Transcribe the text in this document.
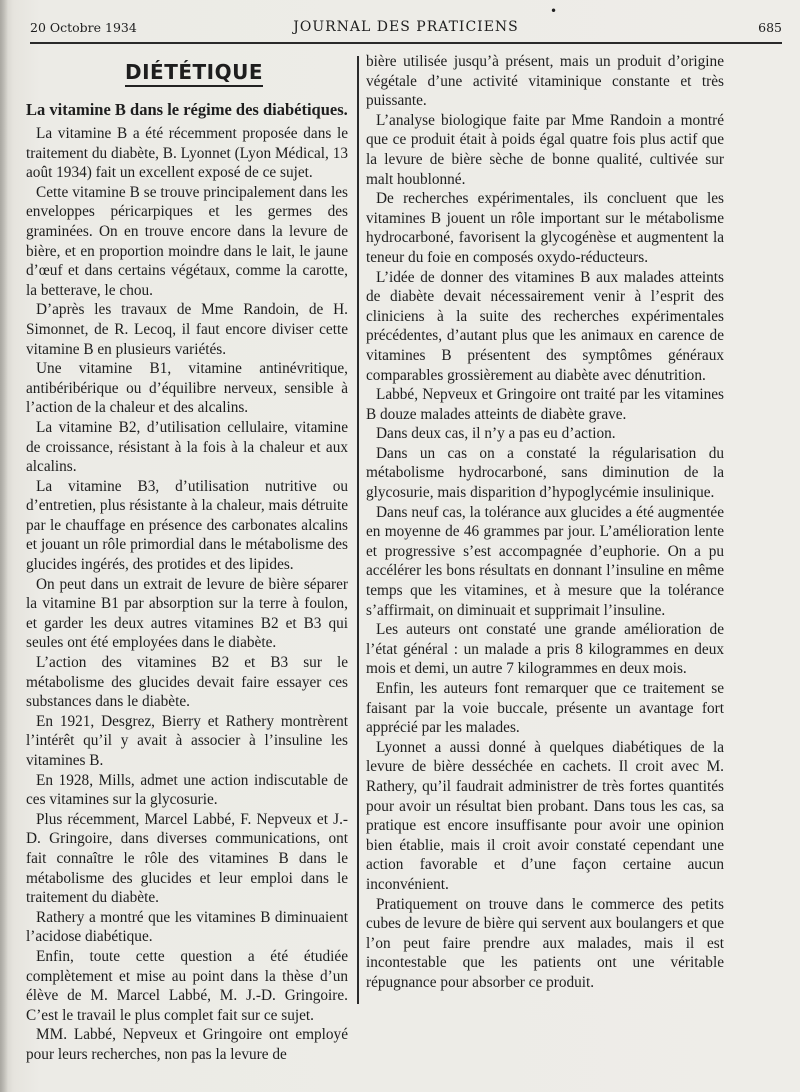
•
20 Octobre 1934	JOURNAL DES PRATICIENS	685
DIÉTÉTIQUE
La vitamine B dans le régime des diabétiques.

La vitamine B a été récemment proposée dans le traitement du diabète, B. Lyonnet (Lyon Médical, 13 août 1934) fait un excellent exposé de ce sujet.

Cette vitamine B se trouve principalement dans les enveloppes péricarpiques et les germes des graminées. On en trouve encore dans la levure de bière, et en proportion moindre dans le lait, le jaune d’œuf et dans certains végétaux, comme la carotte, la betterave, le chou.

D’après les travaux de Mme Randoin, de H. Simonnet, de R. Lecoq, il faut encore diviser cette vitamine B en plusieurs variétés.

Une vitamine B1, vitamine antinévritique, antibéribérique ou d’équilibre nerveux, sensible à l’action de la chaleur et des alcalins.

La vitamine B2, d’utilisation cellulaire, vitamine de croissance, résistant à la fois à la chaleur et aux alcalins.

La vitamine B3, d’utilisation nutritive ou d’entretien, plus résistante à la chaleur, mais détruite par le chauffage en présence des carbonates alcalins et jouant un rôle primordial dans le métabolisme des glucides ingérés, des protides et des lipides.

On peut dans un extrait de levure de bière séparer la vitamine B1 par absorption sur la terre à foulon, et garder les deux autres vitamines B2 et B3 qui seules ont été employées dans le diabète.

L’action des vitamines B2 et B3 sur le métabolisme des glucides devait faire essayer ces substances dans le diabète.

En 1921, Desgrez, Bierry et Rathery montrèrent l’intérêt qu’il y avait à associer à l’insuline les vitamines B.

En 1928, Mills, admet une action indiscutable de ces vitamines sur la glycosurie.

Plus récemment, Marcel Labbé, F. Nepveux et J.-D. Gringoire, dans diverses communications, ont fait connaître le rôle des vitamines B dans le métabolisme des glucides et leur emploi dans le traitement du diabète.

Rathery a montré que les vitamines B diminuaient l’acidose diabétique.

Enfin, toute cette question a été étudiée complètement et mise au point dans la thèse d’un élève de M. Marcel Labbé, M. J.-D. Gringoire. C’est le travail le plus complet fait sur ce sujet.

MM. Labbé, Nepveux et Gringoire ont employé pour leurs recherches, non pas la levure de

bière utilisée jusqu’à présent, mais un produit d’origine végétale d’une activité vitaminique constante et très puissante.

L’analyse biologique faite par Mme Randoin a montré que ce produit était à poids égal quatre fois plus actif que la levure de bière sèche de bonne qualité, cultivée sur malt houblonné.

De recherches expérimentales, ils concluent que les vitamines B jouent un rôle important sur le métabolisme hydrocarboné, favorisent la glycogénèse et augmentent la teneur du foie en composés oxydo-réducteurs.

L’idée de donner des vitamines B aux malades atteints de diabète devait nécessairement venir à l’esprit des cliniciens à la suite des recherches expérimentales précédentes, d’autant plus que les animaux en carence de vitamines B présentent des symptômes généraux comparables grossièrement au diabète avec dénutrition.

Labbé, Nepveux et Gringoire ont traité par les vitamines B douze malades atteints de diabète grave.

Dans deux cas, il n’y a pas eu d’action.

Dans un cas on a constaté la régularisation du métabolisme hydrocarboné, sans diminution de la glycosurie, mais disparition d’hypoglycémie insulinique.

Dans neuf cas, la tolérance aux glucides a été augmentée en moyenne de 46 grammes par jour. L’amélioration lente et progressive s’est accompagnée d’euphorie. On a pu accélérer les bons résultats en donnant l’insuline en même temps que les vitamines, et à mesure que la tolérance s’affirmait, on diminuait et supprimait l’insuline.

Les auteurs ont constaté une grande amélioration de l’état général : un malade a pris 8 kilogrammes en deux mois et demi, un autre 7 kilogrammes en deux mois.

Enfin, les auteurs font remarquer que ce traitement se faisant par la voie buccale, présente un avantage fort apprécié par les malades.

Lyonnet a aussi donné à quelques diabétiques de la levure de bière desséchée en cachets. Il croit avec M. Rathery, qu’il faudrait administrer de très fortes quantités pour avoir un résultat bien probant. Dans tous les cas, sa pratique est encore insuffisante pour avoir une opinion bien établie, mais il croit avoir constaté cependant une action favorable et d’une façon certaine aucun inconvénient.

Pratiquement on trouve dans le commerce des petits cubes de levure de bière qui servent aux boulangers et que l’on peut faire prendre aux malades, mais il est incontestable que les patients ont une véritable répugnance pour absorber ce produit.
